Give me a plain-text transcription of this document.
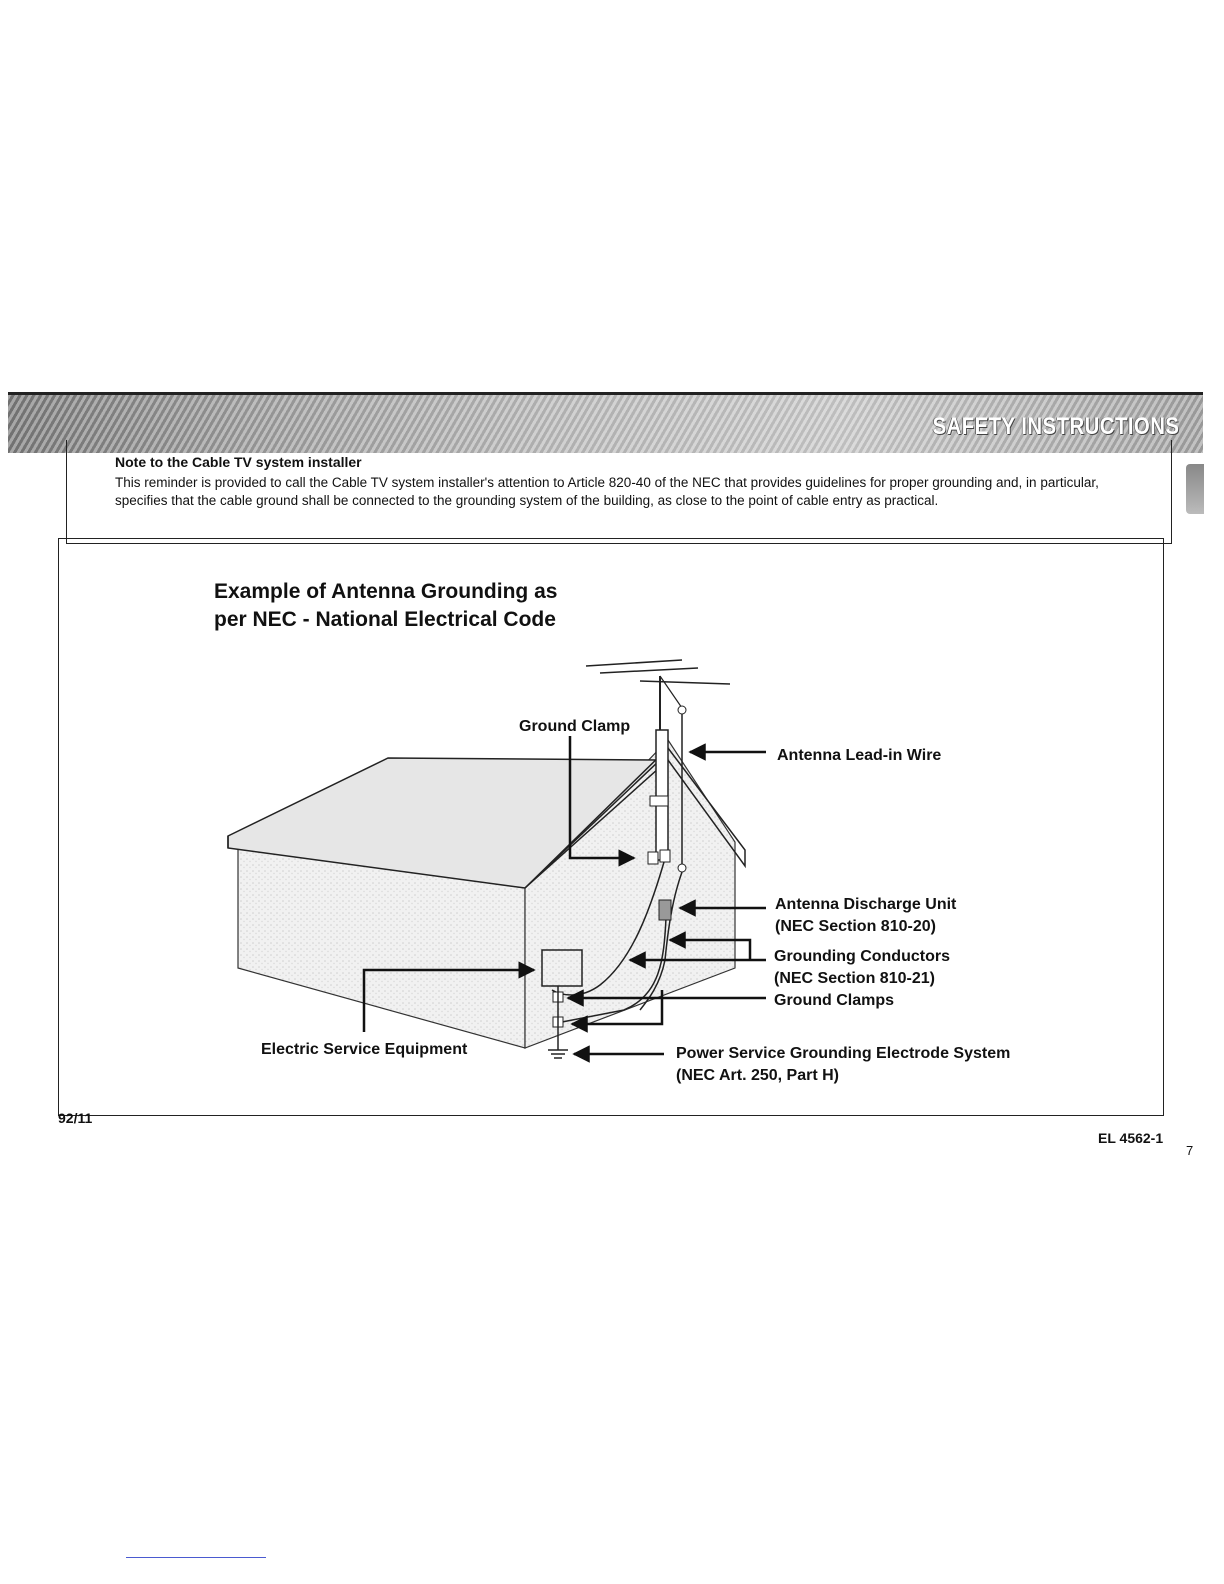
SAFETY INSTRUCTIONS
Note to the Cable TV system installer
This reminder is provided to call the Cable TV system installer's attention to Article 820-40 of the NEC that provides guidelines for proper grounding and, in particular, specifies that the cable ground shall be connected to the grounding system of the building, as close to the point of cable entry as practical.
Example of Antenna Grounding as
per NEC - National Electrical Code
Ground Clamp
Antenna Lead-in Wire
Antenna Discharge Unit
(NEC Section 810-20)
Grounding Conductors
(NEC Section 810-21)
Ground Clamps
Electric Service Equipment	Power Service Grounding Electrode System
(NEC Art. 250, Part H)
92/11
EL 4562-1
7
